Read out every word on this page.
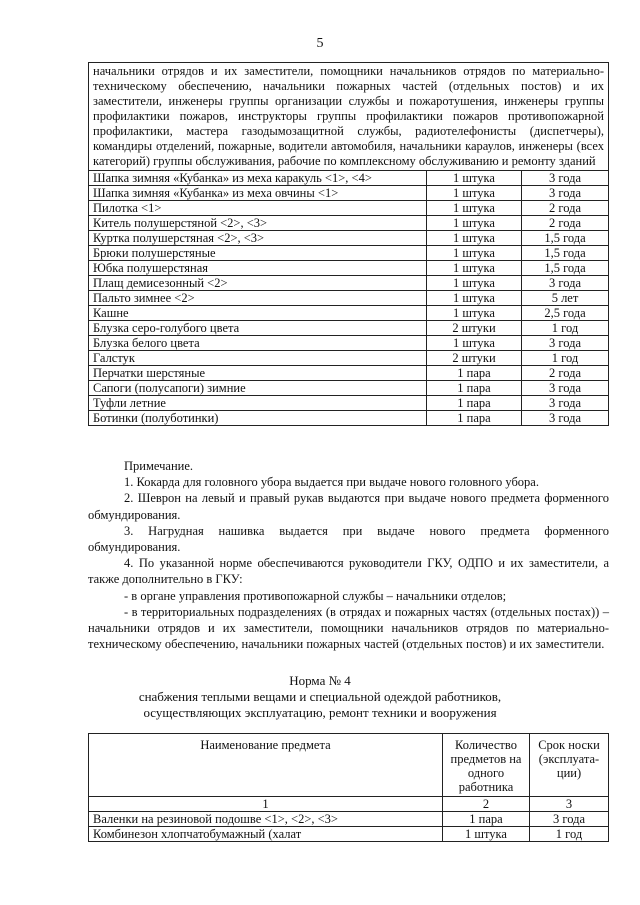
5
начальники отрядов и их заместители, помощники начальников отрядов по материально-техническому обеспечению, начальники пожарных частей (отдельных постов) и их заместители, инженеры группы организации службы и пожаротушения, инженеры группы профилактики пожаров, инструкторы группы профилактики пожаров противопожарной профилактики, мастера газодымозащитной службы, радиотелефонисты (диспетчеры), командиры отделений, пожарные, водители автомобиля, начальники караулов, инженеры (всех категорий) группы обслуживания, рабочие по комплексному обслуживанию и ремонту зданий		
Шапка зимняя «Кубанка» из меха каракуль <1>, <4>	1 штука	3 года
Шапка зимняя «Кубанка» из меха овчины <1>	1 штука	3 года
Пилотка <1>	1 штука	2 года
Китель полушерстяной <2>, <3>	1 штука	2 года
Куртка полушерстяная <2>, <3>	1 штука	1,5 года
Брюки полушерстяные	1 штука	1,5 года
Юбка полушерстяная	1 штука	1,5 года
Плащ демисезонный <2>	1 штука	3 года
Пальто зимнее <2>	1 штука	5 лет
Кашне	1 штука	2,5 года
Блузка серо-голубого цвета	2 штуки	1 год
Блузка белого цвета	1 штука	3 года
Галстук	2 штуки	1 год
Перчатки шерстяные	1 пара	2 года
Сапоги (полусапоги) зимние	1 пара	3 года
Туфли летние	1 пара	3 года
Ботинки (полуботинки)	1 пара	3 года

Примечание.

1. Кокарда для головного убора выдается при выдаче нового головного убора.

2. Шеврон на левый и правый рукав выдаются при выдаче нового предмета форменного обмундирования.

3. Нагрудная нашивка выдается при выдаче нового предмета форменного обмундирования.

4. По указанной норме обеспечиваются руководители ГКУ, ОДПО и их заместители, а также дополнительно в ГКУ:

- в органе управления противопожарной службы – начальники отделов;

- в территориальных подразделениях (в отрядах и пожарных частях (отдельных постах)) – начальники отрядов и их заместители, помощники начальников отрядов по материально-техническому обеспечению, начальники пожарных частей (отдельных постов) и их заместители.

Норма № 4
снабжения теплыми вещами и специальной одеждой работников,
осуществляющих эксплуатацию, ремонт техники и вооружения
Наименование предмета	Количество предметов на одного работника	Срок носки (эксплуата-ции)
1	2	3
Валенки на резиновой подошве <1>, <2>, <3>	1 пара	3 года
Комбинезон хлопчатобумажный (халат	1 штука	1 год
